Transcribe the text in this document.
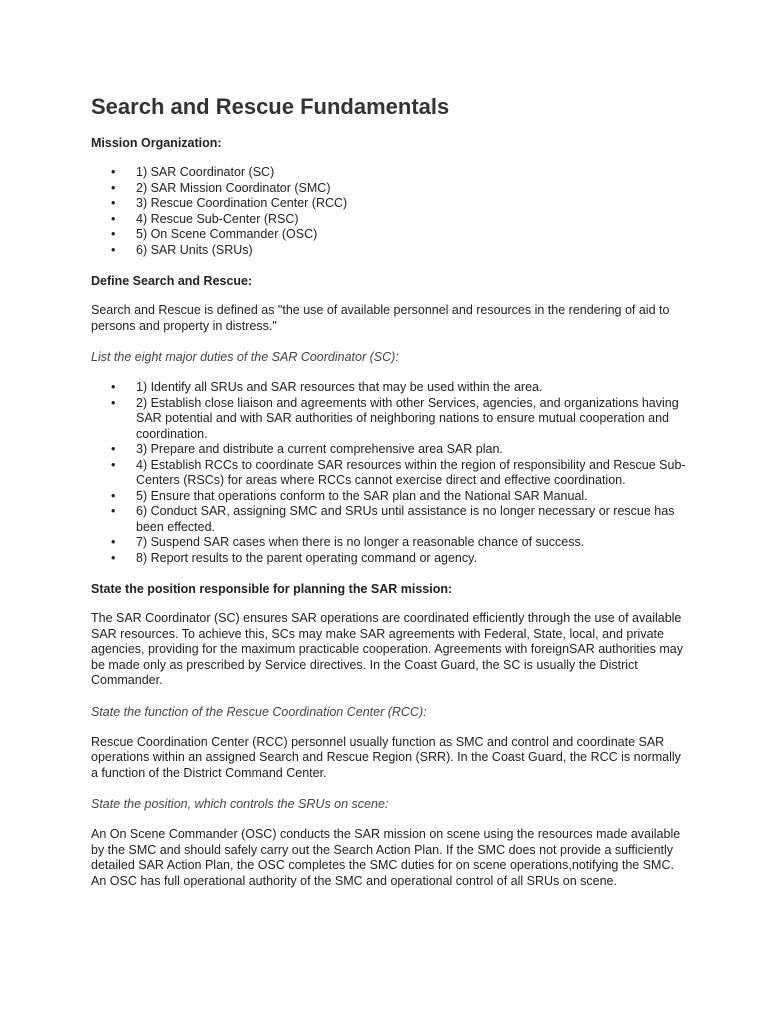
Search and Rescue Fundamentals
Mission Organization:
• 1) SAR Coordinator (SC)
• 2) SAR Mission Coordinator (SMC)
• 3) Rescue Coordination Center (RCC)
• 4) Rescue Sub-Center (RSC)
• 5) On Scene Commander (OSC)
• 6) SAR Units (SRUs)
Define Search and Rescue:

Search and Rescue is defined as "the use of available personnel and resources in the rendering of aid to persons and property in distress."

List the eight major duties of the SAR Coordinator (SC):
• 1) Identify all SRUs and SAR resources that may be used within the area.
• 2) Establish close liaison and agreements with other Services, agencies, and organizations having SAR potential and with SAR authorities of neighboring nations to ensure mutual cooperation and coordination.
• 3) Prepare and distribute a current comprehensive area SAR plan.
• 4) Establish RCCs to coordinate SAR resources within the region of responsibility and Rescue Sub-Centers (RSCs) for areas where RCCs cannot exercise direct and effective coordination.
• 5) Ensure that operations conform to the SAR plan and the National SAR Manual.
• 6) Conduct SAR, assigning SMC and SRUs until assistance is no longer necessary or rescue has been effected.
• 7) Suspend SAR cases when there is no longer a reasonable chance of success.
• 8) Report results to the parent operating command or agency.
State the position responsible for planning the SAR mission:

The SAR Coordinator (SC) ensures SAR operations are coordinated efficiently through the use of available SAR resources. To achieve this, SCs may make SAR agreements with Federal, State, local, and private agencies, providing for the maximum practicable cooperation. Agreements with foreignSAR authorities may be made only as prescribed by Service directives. In the Coast Guard, the SC is usually the District Commander.

State the function of the Rescue Coordination Center (RCC):

Rescue Coordination Center (RCC) personnel usually function as SMC and control and coordinate SAR operations within an assigned Search and Rescue Region (SRR). In the Coast Guard, the RCC is normally a function of the District Command Center.

State the position, which controls the SRUs on scene:

An On Scene Commander (OSC) conducts the SAR mission on scene using the resources made available by the SMC and should safely carry out the Search Action Plan. If the SMC does not provide a sufficiently detailed SAR Action Plan, the OSC completes the SMC duties for on scene operations,notifying the SMC. An OSC has full operational authority of the SMC and operational control of all SRUs on scene.
